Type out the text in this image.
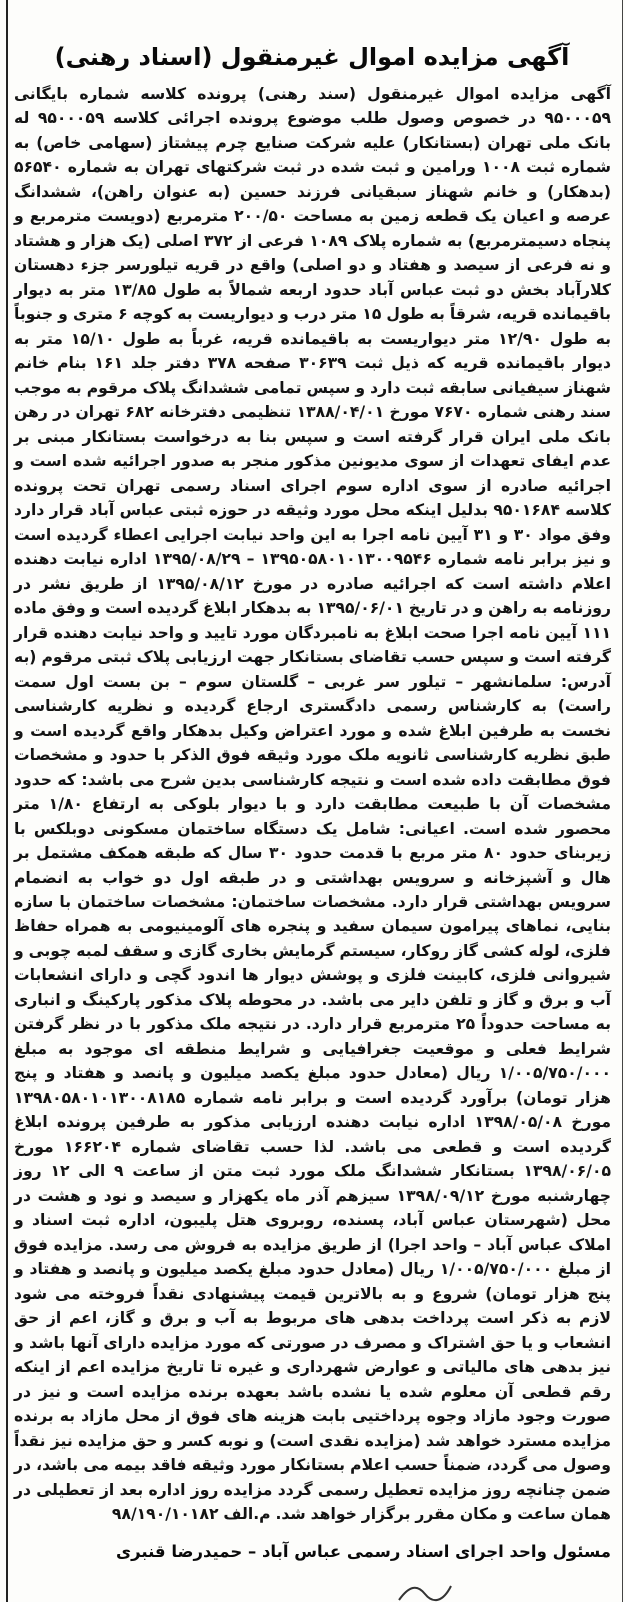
آگهی مزایده اموال غیرمنقول (اسناد رهنی)
آگهی مزایده اموال غیرمنقول (سند رهنی) پرونده کلاسه شماره بایگانی ۹۵۰۰۰۵۹ در خصوص وصول طلب موضوع پرونده اجرائی کلاسه ۹۵۰۰۰۵۹ له بانک ملی تهران (بستانکار) علیه شرکت صنایع چرم پیشتاز (سهامی خاص) به شماره ثبت ۱۰۰۸ ورامین و ثبت شده در ثبت شرکتهای تهران به شماره ۵۶۵۴۰ (بدهکار) و خانم شهناز سبقیانی فرزند حسین (به عنوان راهن)، ششدانگ عرصه و اعیان یک قطعه زمین به مساحت ۲۰۰/۵۰ مترمربع (دویست مترمربع و پنجاه دسیمترمربع) به شماره پلاک ۱۰۸۹ فرعی از ۳۷۲ اصلی (یک هزار و هشتاد و نه فرعی از سیصد و هفتاد و دو اصلی) واقع در قریه تیلورسر جزء دهستان کلارآباد بخش دو ثبت عباس آباد حدود اربعه شمالاً به طول ۱۳/۸۵ متر به دیوار باقیمانده قریه، شرقاً به طول ۱۵ متر درب و دیواریست به کوچه ۶ متری و جنوباً به طول ۱۲/۹۰ متر دیواریست به باقیمانده قریه، غرباً به طول ۱۵/۱۰ متر به دیوار باقیمانده قریه که ذیل ثبت ۳۰۶۳۹ صفحه ۳۷۸ دفتر جلد ۱۶۱ بنام خانم شهناز سیفیانی سابقه ثبت دارد و سپس تمامی ششدانگ پلاک مرقوم به موجب سند رهنی شماره ۷۶۷۰ مورخ ۱۳۸۸/۰۴/۰۱ تنظیمی دفترخانه ۶۸۲ تهران در رهن بانک ملی ایران قرار گرفته است و سپس بنا به درخواست بستانکار مبنی بر عدم ایفای تعهدات از سوی مدیونین مذکور منجر به صدور اجرائیه شده است و اجرائیه صادره از سوی اداره سوم اجرای اسناد رسمی تهران تحت پرونده کلاسه ۹۵۰۱۶۸۴ بدلیل اینکه محل مورد وثیقه در حوزه ثبتی عباس آباد قرار دارد وفق مواد ۳۰ و ۳۱ آیین نامه اجرا به این واحد نیابت اجرایی اعطاء گردیده است و نیز برابر نامه شماره ۱۳۹۵۰۵۸۰۱۰۱۳۰۰۹۵۴۶ – ۱۳۹۵/۰۸/۲۹ اداره نیابت دهنده اعلام داشته است که اجرائیه صادره در مورخ ۱۳۹۵/۰۸/۱۲ از طریق نشر در روزنامه به راهن و در تاریخ ۱۳۹۵/۰۶/۰۱ به بدهکار ابلاغ گردیده است و وفق ماده ۱۱۱ آیین نامه اجرا صحت ابلاغ به نامبردگان مورد تایید و واحد نیابت دهنده قرار گرفته است و سپس حسب تقاضای بستانکار جهت ارزیابی پلاک ثبتی مرقوم (به آدرس: سلمانشهر – تیلور سر غربی – گلستان سوم – بن بست اول سمت راست) به کارشناس رسمی دادگستری ارجاع گردیده و نظریه کارشناسی نخست به طرفین ابلاغ شده و مورد اعتراض وکیل بدهکار واقع گردیده است و طبق نظریه کارشناسی ثانویه ملک مورد وثیقه فوق الذکر با حدود و مشخصات فوق مطابقت داده شده است و نتیجه کارشناسی بدین شرح می باشد: که حدود مشخصات آن با طبیعت مطابقت دارد و با دیوار بلوکی به ارتفاع ۱/۸۰ متر محصور شده است. اعیانی: شامل یک دستگاه ساختمان مسکونی دوبلکس با زیربنای حدود ۸۰ متر مربع با قدمت حدود ۳۰ سال که طبقه همکف مشتمل بر هال و آشپزخانه و سرویس بهداشتی و در طبقه اول دو خواب به انضمام سرویس بهداشتی قرار دارد. مشخصات ساختمان: مشخصات ساختمان با سازه بنایی، نماهای پیرامون سیمان سفید و پنجره های آلومینیومی به همراه حفاظ فلزی، لوله کشی گاز روکار، سیستم گرمایش بخاری گازی و سقف لمبه چوبی و شیروانی فلزی، کابینت فلزی و پوشش دیوار ها اندود گچی و دارای انشعابات آب و برق و گاز و تلفن دایر می باشد. در محوطه پلاک مذکور پارکینگ و انباری به مساحت حدوداً ۲۵ مترمربع قرار دارد. در نتیجه ملک مذکور با در نظر گرفتن شرایط فعلی و موقعیت جغرافیایی و شرایط منطقه ای موجود به مبلغ ۱/۰۰۵/۷۵۰/۰۰۰ ریال (معادل حدود مبلغ یکصد میلیون و پانصد و هفتاد و پنج هزار تومان) برآورد گردیده است و برابر نامه شماره ۱۳۹۸۰۵۸۰۱۰۱۳۰۰۸۱۸۵ مورخ ۱۳۹۸/۰۵/۰۸ اداره نیابت دهنده ارزیابی مذکور به طرفین پرونده ابلاغ گردیده است و قطعی می باشد. لذا حسب تقاضای شماره ۱۶۶۲۰۴ مورخ ۱۳۹۸/۰۶/۰۵ بستانکار ششدانگ ملک مورد ثبت متن از ساعت ۹ الی ۱۲ روز چهارشنبه مورخ ۱۳۹۸/۰۹/۱۲ سیزهم آذر ماه یکهزار و سیصد و نود و هشت در محل (شهرستان عباس آباد، پسنده، روبروی هتل پلیبون، اداره ثبت اسناد و املاک عباس آباد – واحد اجرا) از طریق مزایده به فروش می رسد. مزایده فوق از مبلغ ۱/۰۰۵/۷۵۰/۰۰۰ ریال (معادل حدود مبلغ یکصد میلیون و پانصد و هفتاد و پنج هزار تومان) شروع و به بالاترین قیمت پیشنهادی نقداً فروخته می شود لازم به ذکر است پرداخت بدهی های مربوط به آب و برق و گاز، اعم از حق انشعاب و یا حق اشتراک و مصرف در صورتی که مورد مزایده دارای آنها باشد و نیز بدهی های مالیاتی و عوارض شهرداری و غیره تا تاریخ مزایده اعم از اینکه رقم قطعی آن معلوم شده یا نشده باشد بعهده برنده مزایده است و نیز در صورت وجود مازاد وجوه پرداختیی بابت هزینه های فوق از محل مازاد به برنده مزایده مسترد خواهد شد (مزایده نقدی است) و نوبه کسر و حق مزایده نیز نقداً وصول می گردد، ضمناً حسب اعلام بستانکار مورد وثیقه فاقد بیمه می باشد، در ضمن چنانچه روز مزایده تعطیل رسمی گردد مزایده روز اداره بعد از تعطیلی در همان ساعت و مکان مقرر برگزار خواهد شد. م.الف ۹۸/۱۹۰/۱۰۱۸۲
مسئول واحد اجرای اسناد رسمی عباس آباد – حمیدرضا قنبری
